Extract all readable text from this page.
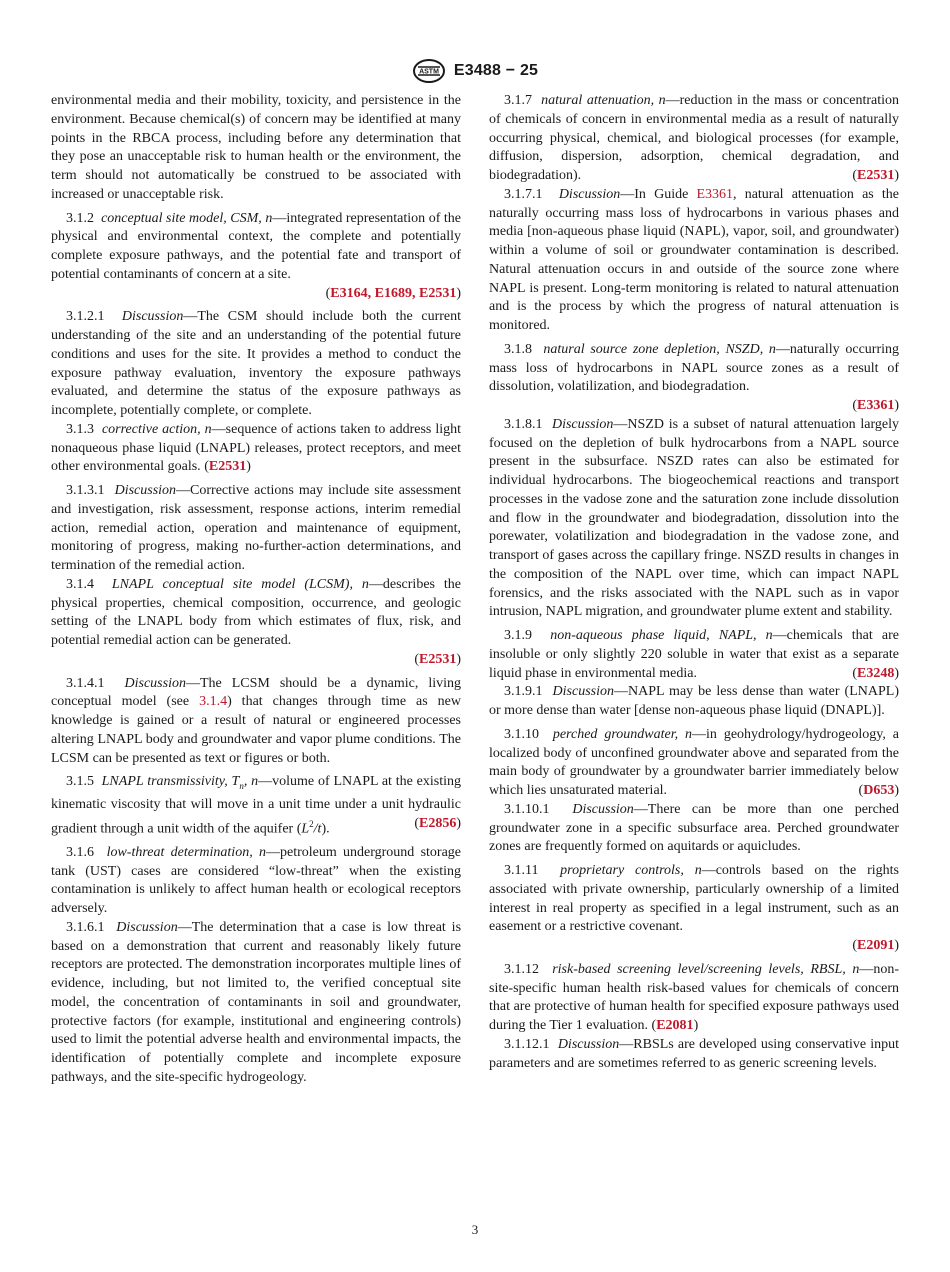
ASTM E3488 − 25

environmental media and their mobility, toxicity, and persistence in the environment. Because chemical(s) of concern may be identified at many points in the RBCA process, including before any determination that they pose an unacceptable risk to human health or the environment, the term should not automatically be construed to be associated with increased or unacceptable risk.

3.1.2 conceptual site model, CSM, n—integrated representation of the physical and environmental context, the complete and potentially complete exposure pathways, and the potential fate and transport of potential contaminants of concern at a site.
(E3164, E1689, E2531)

3.1.2.1 Discussion—The CSM should include both the current understanding of the site and an understanding of the potential future conditions and uses for the site. It provides a method to conduct the exposure pathway evaluation, inventory the exposure pathways evaluated, and determine the status of the exposure pathways as incomplete, potentially complete, or complete.

3.1.3 corrective action, n—sequence of actions taken to address light nonaqueous phase liquid (LNAPL) releases, protect receptors, and meet other environmental goals. (E2531)

3.1.3.1 Discussion—Corrective actions may include site assessment and investigation, risk assessment, response actions, interim remedial action, remedial action, operation and maintenance of equipment, monitoring of progress, making no-further-action determinations, and termination of the remedial action.

3.1.4 LNAPL conceptual site model (LCSM), n—describes the physical properties, chemical composition, occurrence, and geologic setting of the LNAPL body from which estimates of flux, risk, and potential remedial action can be generated.
(E2531)

3.1.4.1 Discussion—The LCSM should be a dynamic, living conceptual model (see 3.1.4) that changes through time as new knowledge is gained or a result of natural or engineered processes altering LNAPL body and groundwater and vapor plume conditions. The LCSM can be presented as text or figures or both.

3.1.5 LNAPL transmissivity, $T_n$, n—volume of LNAPL at the existing kinematic viscosity that will move in a unit time under a unit hydraulic gradient through a unit width of the aquifer $(L^2/t)$.	(E2856)

3.1.6 low-threat determination, n—petroleum underground storage tank (UST) cases are considered “low-threat” when the existing contamination is unlikely to affect human health or ecological receptors adversely.

3.1.6.1 Discussion—The determination that a case is low threat is based on a demonstration that current and reasonably likely future receptors are protected. The demonstration incorporates multiple lines of evidence, including, but not limited to, the verified conceptual site model, the concentration of contaminants in soil and groundwater, protective factors (for example, institutional and engineering controls) used to limit the potential adverse health and environmental impacts, the identification of potentially complete and incomplete exposure pathways, and the site-specific hydrogeology.

3.1.7 natural attenuation, n—reduction in the mass or concentration of chemicals of concern in environmental media as a result of naturally occurring physical, chemical, and biological processes (for example, diffusion, dispersion, adsorption, chemical degradation, and biodegradation).	(E2531)

3.1.7.1 Discussion—In Guide E3361, natural attenuation as the naturally occurring mass loss of hydrocarbons in various phases and media [non-aqueous phase liquid (NAPL), vapor, soil, and groundwater) within a volume of soil or groundwater contamination is described. Natural attenuation occurs in and outside of the source zone where NAPL is present. Long-term monitoring is related to natural attenuation and is the process by which the progress of natural attenuation is monitored.

3.1.8 natural source zone depletion, NSZD, n—naturally occurring mass loss of hydrocarbons in NAPL source zones as a result of dissolution, volatilization, and biodegradation.
(E3361)

3.1.8.1 Discussion—NSZD is a subset of natural attenuation largely focused on the depletion of bulk hydrocarbons from a NAPL source present in the subsurface. NSZD rates can also be estimated for individual hydrocarbons. The biogeochemical reactions and transport processes in the vadose zone and the saturation zone include dissolution and flow in the groundwater and biodegradation, dissolution into the porewater, volatilization and biodegradation in the vadose zone, and transport of gases across the capillary fringe. NSZD results in changes in the composition of the NAPL over time, which can impact NAPL forensics, and the risks associated with the NAPL such as in vapor intrusion, NAPL migration, and groundwater plume extent and stability.

3.1.9 non-aqueous phase liquid, NAPL, n—chemicals that are insoluble or only slightly 220 soluble in water that exist as a separate liquid phase in environmental media.	(E3248)

3.1.9.1 Discussion—NAPL may be less dense than water (LNAPL) or more dense than water [dense non-aqueous phase liquid (DNAPL)].

3.1.10 perched groundwater, n—in geohydrology/hydrogeology, a localized body of unconfined groundwater above and separated from the main body of groundwater by a groundwater barrier immediately below which lies unsaturated material.	(D653)

3.1.10.1 Discussion—There can be more than one perched groundwater zone in a specific subsurface area. Perched groundwater zones are frequently formed on aquitards or aquicludes.

3.1.11 proprietary controls, n—controls based on the rights associated with private ownership, particularly ownership of a limited interest in real property as specified in a legal instrument, such as an easement or a restrictive covenant.
(E2091)

3.1.12 risk-based screening level/screening levels, RBSL, n—non-site-specific human health risk-based values for chemicals of concern that are protective of human health for specified exposure pathways used during the Tier 1 evaluation. (E2081)

3.1.12.1 Discussion—RBSLs are developed using conservative input parameters and are sometimes referred to as generic screening levels.

3
